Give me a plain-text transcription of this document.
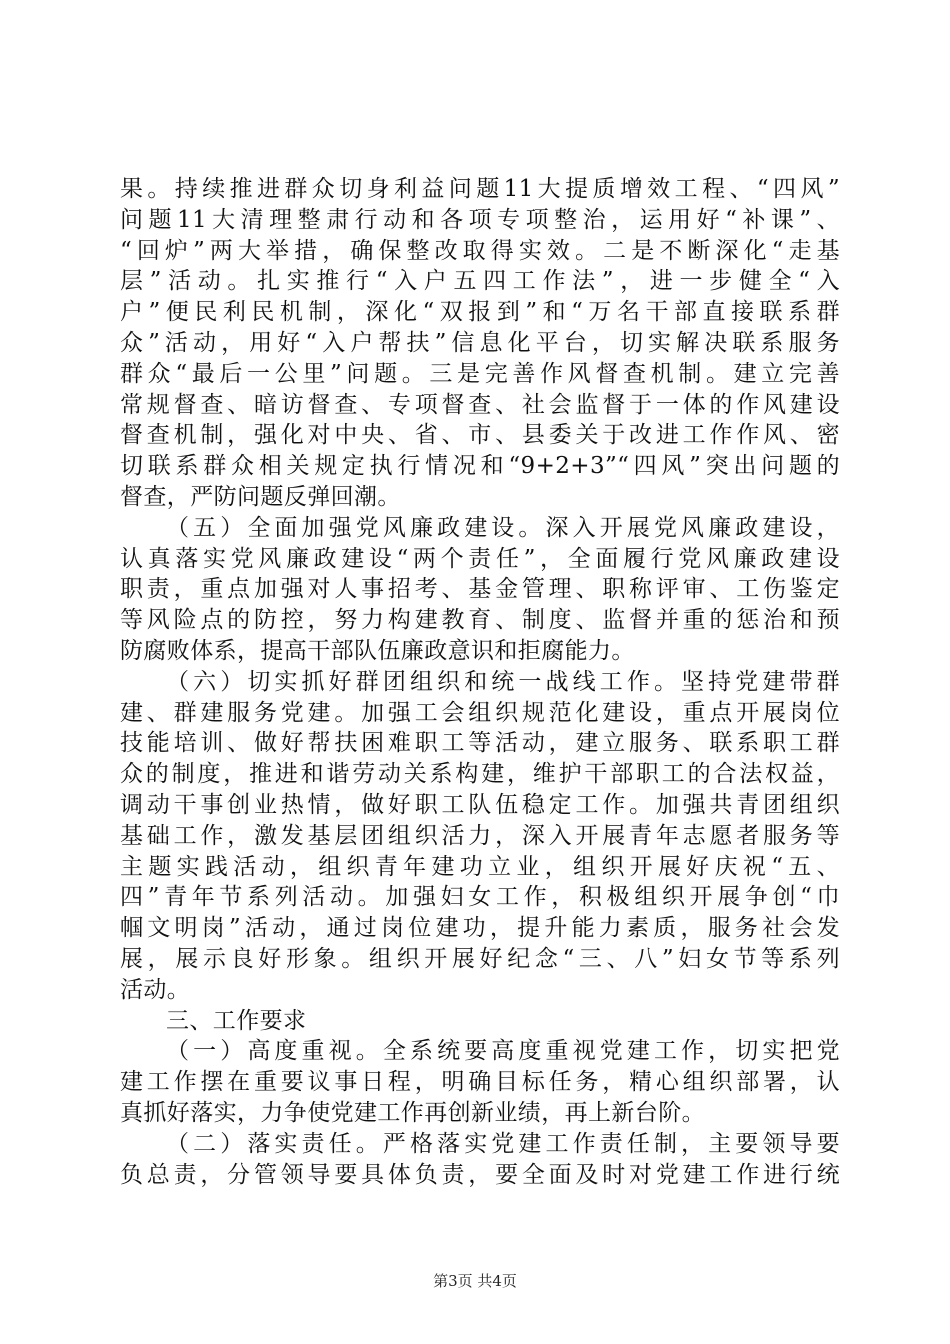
果。持续推进群众切身利益问题11大提质增效工程、“四风”
问题11大清理整肃行动和各项专项整治，运用好“补课”、
“回炉”两大举措，确保整改取得实效。二是不断深化“走基
层”活动。扎实推行“入户五四工作法”，进一步健全“入
户”便民利民机制，深化“双报到”和“万名干部直接联系群
众”活动，用好“入户帮扶”信息化平台，切实解决联系服务
群众“最后一公里”问题。三是完善作风督查机制。建立完善
常规督查、暗访督查、专项督查、社会监督于一体的作风建设
督查机制，强化对中央、省、市、县委关于改进工作作风、密
切联系群众相关规定执行情况和“9+2+3”“四风”突出问题的
督查，严防问题反弹回潮。
（五）全面加强党风廉政建设。深入开展党风廉政建设，
认真落实党风廉政建设“两个责任”，全面履行党风廉政建设
职责，重点加强对人事招考、基金管理、职称评审、工伤鉴定
等风险点的防控，努力构建教育、制度、监督并重的惩治和预
防腐败体系，提高干部队伍廉政意识和拒腐能力。
（六）切实抓好群团组织和统一战线工作。坚持党建带群
建、群建服务党建。加强工会组织规范化建设，重点开展岗位
技能培训、做好帮扶困难职工等活动，建立服务、联系职工群
众的制度，推进和谐劳动关系构建，维护干部职工的合法权益，
调动干事创业热情，做好职工队伍稳定工作。加强共青团组织
基础工作，激发基层团组织活力，深入开展青年志愿者服务等
主题实践活动，组织青年建功立业，组织开展好庆祝“五、
四”青年节系列活动。加强妇女工作，积极组织开展争创“巾
帼文明岗”活动，通过岗位建功，提升能力素质，服务社会发
展，展示良好形象。组织开展好纪念“三、八”妇女节等系列
活动。
三、工作要求
（一）高度重视。全系统要高度重视党建工作，切实把党
建工作摆在重要议事日程，明确目标任务，精心组织部署，认
真抓好落实，力争使党建工作再创新业绩，再上新台阶。
（二）落实责任。严格落实党建工作责任制，主要领导要
负总责，分管领导要具体负责，要全面及时对党建工作进行统
第3页 共4页
